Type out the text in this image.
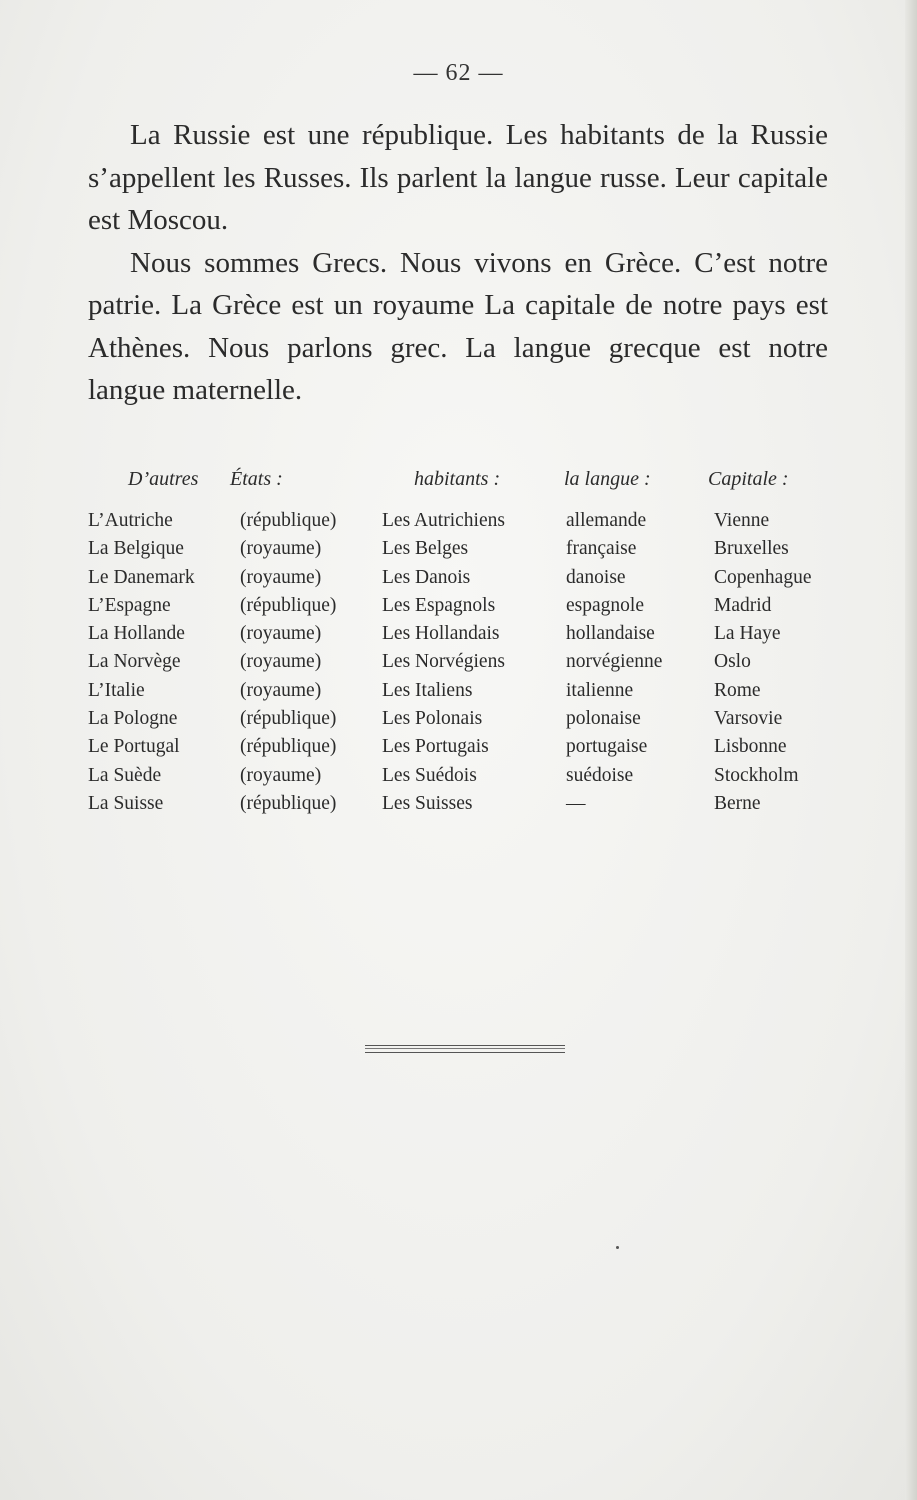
— 62 —

La Russie est une république. Les habitants de la Russie s’appellent les Russes. Ils parlent la langue russe. Leur capitale est Moscou.

Nous sommes Grecs. Nous vivons en Grèce. C’est notre patrie. La Grèce est un royaume La capitale de notre pays est Athènes. Nous parlons grec. La langue grecque est notre langue maternelle.

D’autres États :	habitants :	la langue :	Capitale :
L’Autriche	(république) Les Autrichiens	allemande	Vienne
La Belgique	(royaume)	Les Belges	française	Bruxelles
Le Danemark (royaume)	Les Danois	danoise	Copenhague
L’Espagne	(république) Les Espagnols	espagnole	Madrid
La Hollande	(royaume)	Les Hollandais	hollandaise	La Haye
La Norvège	(royaume)	Les Norvégiens	norvégienne	Oslo
L’Italie	(royaume)	Les Italiens	italienne	Rome
La Pologne	(république) Les Polonais	polonaise	Varsovie
Le Portugal	(république) Les Portugais	portugaise	Lisbonne
La Suède	(royaume)	Les Suédois	suédoise	Stockholm
La Suisse	(république) Les Suisses	—	Berne
